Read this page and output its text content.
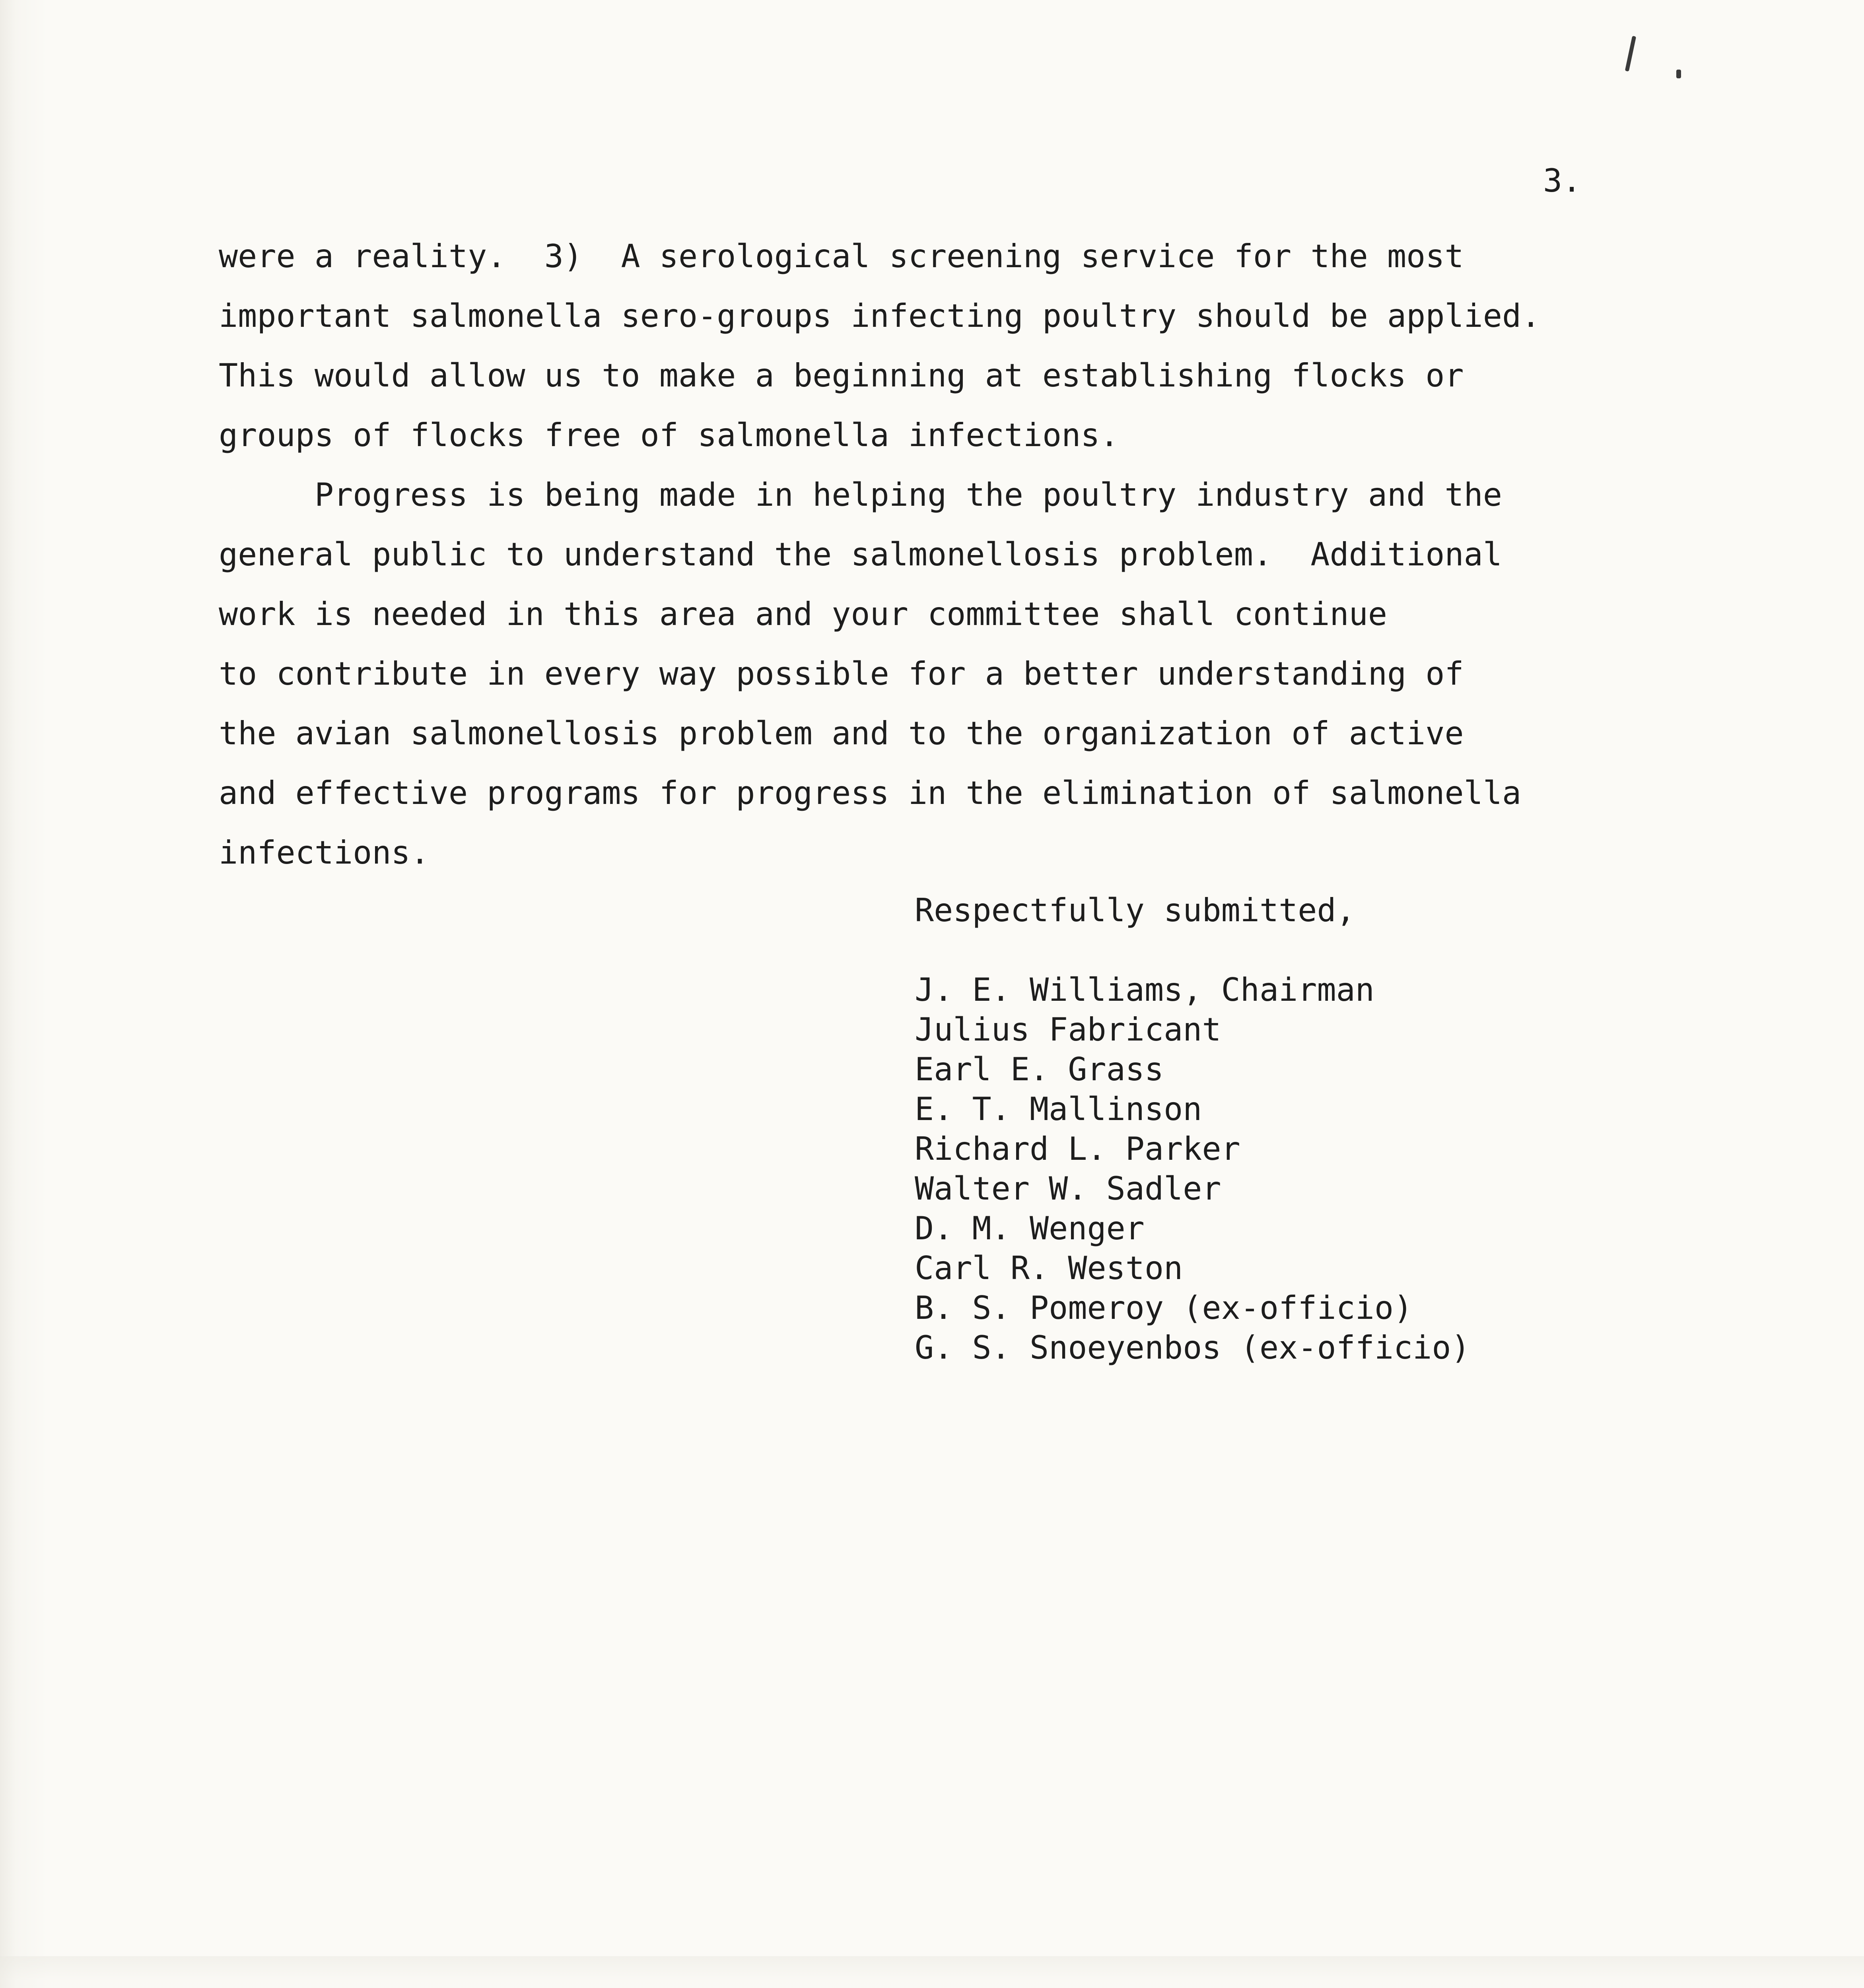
3.
were a reality.  3)  A serological screening service for the most
important salmonella sero-groups infecting poultry should be applied.
This would allow us to make a beginning at establishing flocks or
groups of flocks free of salmonella infections.
Progress is being made in helping the poultry industry and the
general public to understand the salmonellosis problem.  Additional
work is needed in this area and your committee shall continue
to contribute in every way possible for a better understanding of
the avian salmonellosis problem and to the organization of active
and effective programs for progress in the elimination of salmonella
infections.
Respectfully submitted,
J. E. Williams, Chairman
Julius Fabricant
Earl E. Grass
E. T. Mallinson
Richard L. Parker
Walter W. Sadler
D. M. Wenger
Carl R. Weston
B. S. Pomeroy (ex-officio)
G. S. Snoeyenbos (ex-officio)
